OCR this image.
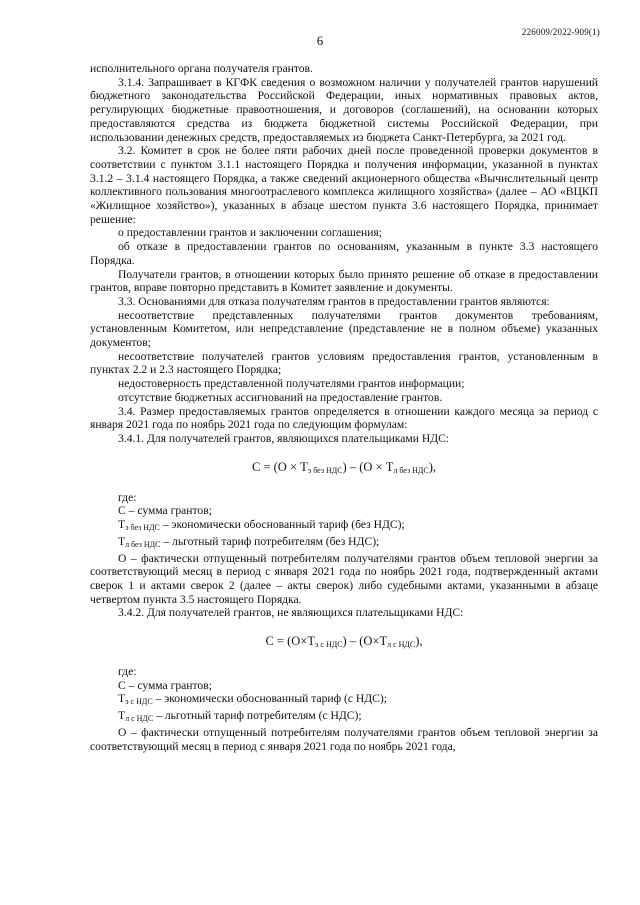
226009/2022-909(1)
6

исполнительного органа получателя грантов.

3.1.4. Запрашивает в КГФК сведения о возможном наличии у получателей грантов нарушений бюджетного законодательства Российской Федерации, иных нормативных правовых актов, регулирующих бюджетные правоотношения, и договоров (соглашений), на основании которых предоставляются средства из бюджета бюджетной системы Российской Федерации, при использовании денежных средств, предоставляемых из бюджета Санкт-Петербурга, за 2021 год.

3.2. Комитет в срок не более пяти рабочих дней после проведенной проверки документов в соответствии с пунктом 3.1.1 настоящего Порядка и получения информации, указанной в пунктах 3.1.2 – 3.1.4 настоящего Порядка, а также сведений акционерного общества «Вычислительный центр коллективного пользования многоотраслевого комплекса жилищного хозяйства» (далее – АО «ВЦКП «Жилищное хозяйство»), указанных в абзаце шестом пункта 3.6 настоящего Порядка, принимает решение:

о предоставлении грантов и заключении соглашения;

об отказе в предоставлении грантов по основаниям, указанным в пункте 3.3 настоящего Порядка.

Получатели грантов, в отношении которых было принято решение об отказе в предоставлении грантов, вправе повторно представить в Комитет заявление и документы.

3.3. Основаниями для отказа получателям грантов в предоставлении грантов являются:

несоответствие представленных получателями грантов документов требованиям, установленным Комитетом, или непредставление (представление не в полном объеме) указанных документов;

несоответствие получателей грантов условиям предоставления грантов, установленным в пунктах 2.2 и 2.3 настоящего Порядка;

недостоверность представленной получателями грантов информации;

отсутствие бюджетных ассигнований на предоставление грантов.

3.4. Размер предоставляемых грантов определяется в отношении каждого месяца за период с января 2021 года по ноябрь 2021 года по следующим формулам:

3.4.1. Для получателей грантов, являющихся плательщиками НДС:

$С = (О \times Т_{э без НДС}) - (О \times Т_{л без НДС})$,

где:

С – сумма грантов;

$Т_{э без НДС}$ – экономически обоснованный тариф (без НДС);

$Т_{л без НДС}$ – льготный тариф потребителям (без НДС);

О – фактически отпущенный потребителям получателями грантов объем тепловой энергии за соответствующий месяц в период с января 2021 года по ноябрь 2021 года, подтвержденный актами сверок 1 и актами сверок 2 (далее – акты сверок) либо судебными актами, указанными в абзаце четвертом пункта 3.5 настоящего Порядка.

3.4.2. Для получателей грантов, не являющихся плательщиками НДС:

$С = (О\times Т_{э с НДС}) - (О\times Т_{л с НДС})$,

где:

С – сумма грантов;

$Т_{э с НДС}$ – экономически обоснованный тариф (с НДС);

$Т_{л с НДС}$ – льготный тариф потребителям (с НДС);

О – фактически отпущенный потребителям получателями грантов объем тепловой энергии за соответствующий месяц в период с января 2021 года по ноябрь 2021 года,
